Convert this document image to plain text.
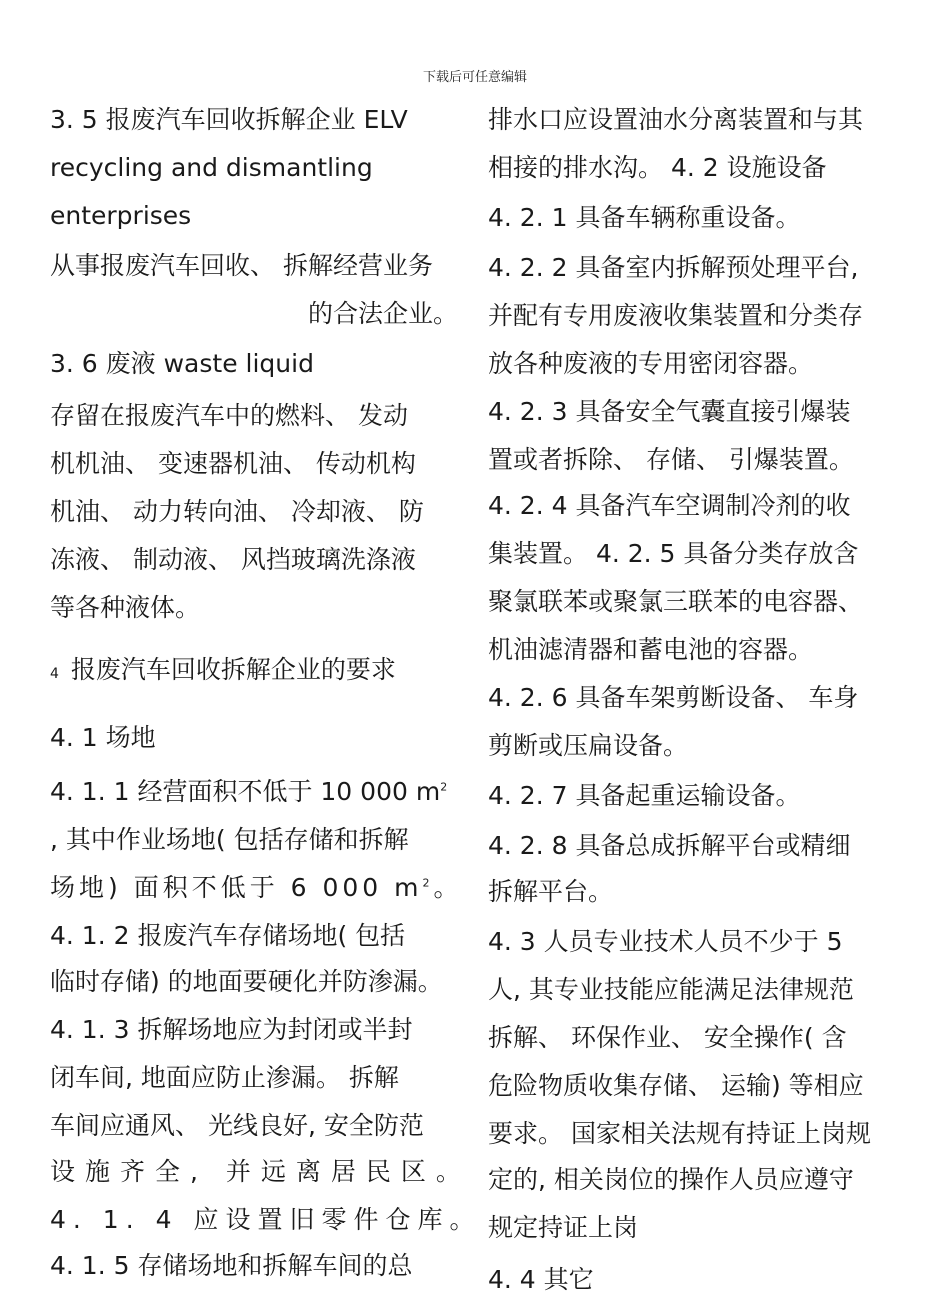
下载后可任意编辑
3. 5 报废汽车回收拆解企业 ELV
recycling and dismantling
enterprises
从事报废汽车回收、 拆解经营业务
的合法企业。
3. 6 废液 waste liquid
存留在报废汽车中的燃料、 发动
机机油、 变速器机油、 传动机构
机油、 动力转向油、 冷却液、 防
冻液、 制动液、 风挡玻璃洗涤液
等各种液体。
4 报废汽车回收拆解企业的要求
4. 1 场地
4. 1. 1 经营面积不低于 10 000 $m^2$
, 其中作业场地( 包括存储和拆解
场地) 面积不低于 6 000 $m^2$。
4. 1. 2 报废汽车存储场地( 包括
临时存储) 的地面要硬化并防渗漏。
4. 1. 3 拆解场地应为封闭或半封
闭车间, 地面应防止渗漏。 拆解
车间应通风、 光线良好, 安全防范
设施齐全, 并远离居民区。
4. 1. 4 应设置旧零件仓库。
4. 1. 5 存储场地和拆解车间的总
排水口应设置油水分离装置和与其
相接的排水沟。 4. 2 设施设备
4. 2. 1 具备车辆称重设备。
4. 2. 2 具备室内拆解预处理平台,
并配有专用废液收集装置和分类存
放各种废液的专用密闭容器。
4. 2. 3 具备安全气囊直接引爆装
置或者拆除、 存储、 引爆装置。
4. 2. 4 具备汽车空调制冷剂的收
集装置。 4. 2. 5 具备分类存放含
聚氯联苯或聚氯三联苯的电容器、
机油滤清器和蓄电池的容器。
4. 2. 6 具备车架剪断设备、 车身
剪断或压扁设备。
4. 2. 7 具备起重运输设备。
4. 2. 8 具备总成拆解平台或精细
拆解平台。
4. 3 人员专业技术人员不少于 5
人, 其专业技能应能满足法律规范
拆解、 环保作业、 安全操作( 含
危险物质收集存储、 运输) 等相应
要求。 国家相关法规有持证上岗规
定的, 相关岗位的操作人员应遵守
规定持证上岗
4. 4 其它
